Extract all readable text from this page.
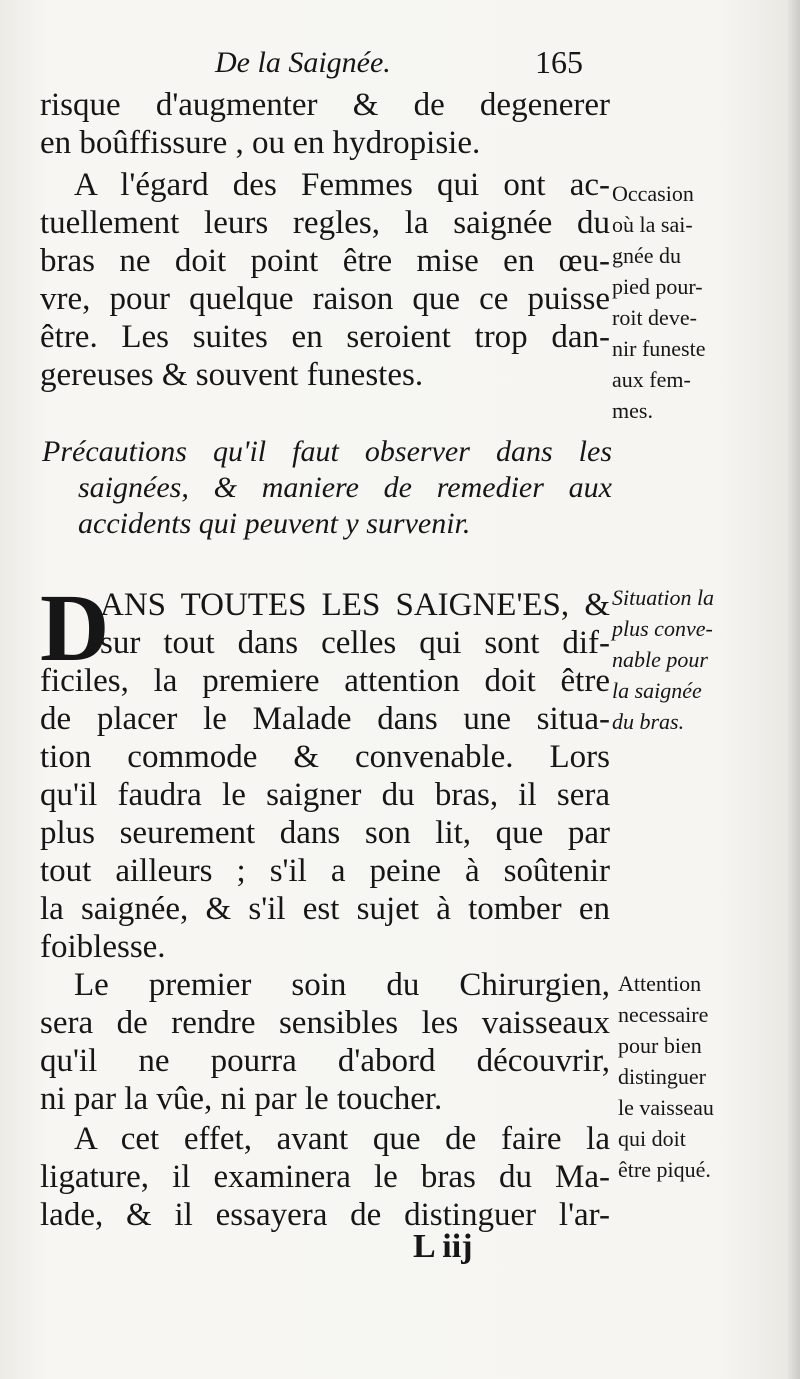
De la Saignée.	165
risque d'augmenter & de degenerer
en boûffissure , ou en hydropisie.
A l'égard des Femmes qui ont ac-
tuellement leurs regles, la saignée du
bras ne doit point être mise en œu-
vre, pour quelque raison que ce puisse
être. Les suites en seroient trop dan-
gereuses & souvent funestes.
Précautions qu'il faut observer dans les
saignées, & maniere de remedier aux
accidents qui peuvent y survenir.
D
ANS TOUTES LES SAIGNE'ES, &
sur tout dans celles qui sont dif-
ficiles, la premiere attention doit être
de placer le Malade dans une situa-
tion commode & convenable. Lors
qu'il faudra le saigner du bras, il sera
plus seurement dans son lit, que par
tout ailleurs ; s'il a peine à soûtenir
la saignée, & s'il est sujet à tomber en
foiblesse.
Le premier soin du Chirurgien,
sera de rendre sensibles les vaisseaux
qu'il ne pourra d'abord découvrir,
ni par la vûe, ni par le toucher.
A cet effet, avant que de faire la
ligature, il examinera le bras du Ma-
lade, & il essayera de distinguer l'ar-
Occasion
où la sai-
gnée du
pied pour-
roit deve-
nir funeste
aux fem-
mes.
Situation la
plus conve-
nable pour
la saignée
du bras.
Attention
necessaire
pour bien
distinguer
le vaisseau
qui doit
être piqué.
L iij
